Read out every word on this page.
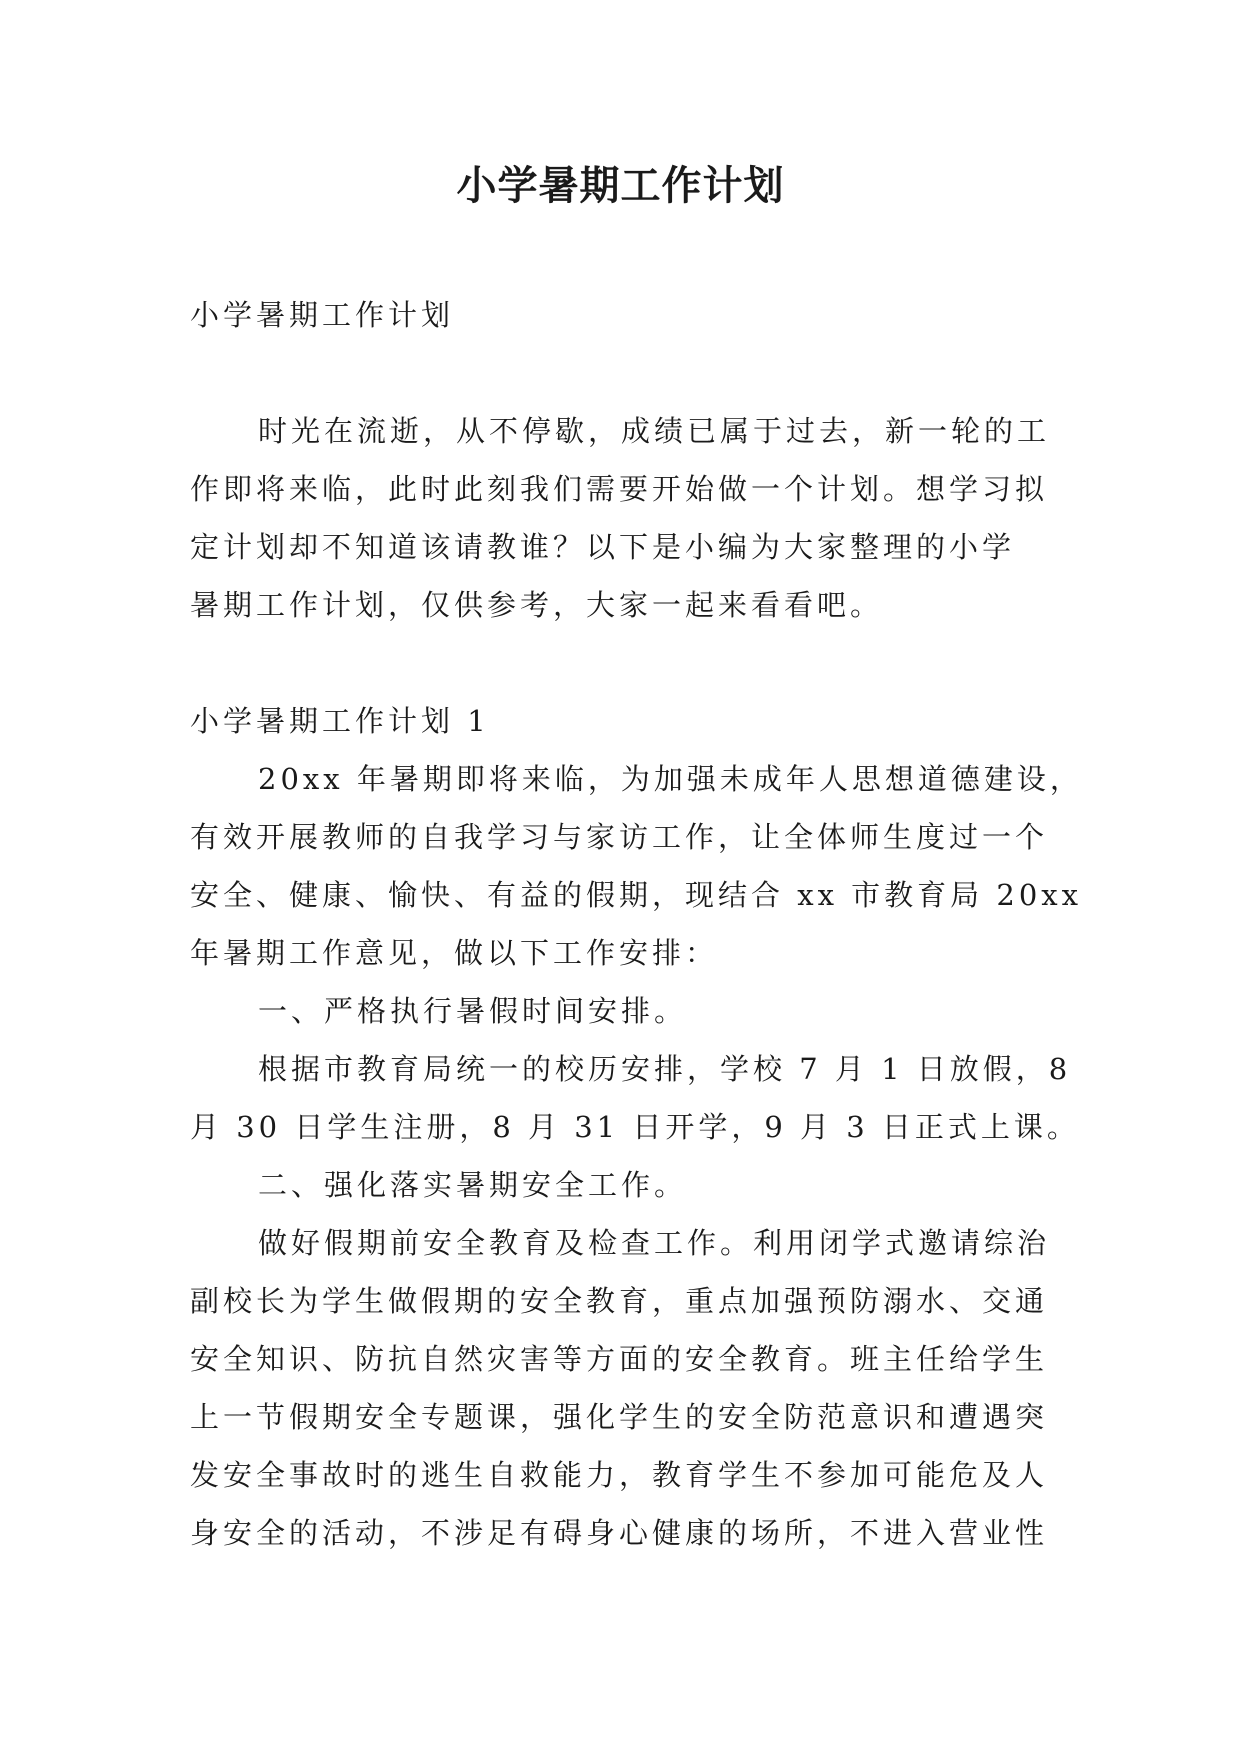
小学暑期工作计划

小学暑期工作计划

时光在流逝，从不停歇，成绩已属于过去，新一轮的工

作即将来临，此时此刻我们需要开始做一个计划。想学习拟

定计划却不知道该请教谁？以下是小编为大家整理的小学

暑期工作计划，仅供参考，大家一起来看看吧。

小学暑期工作计划 1

20xx 年暑期即将来临，为加强未成年人思想道德建设，

有效开展教师的自我学习与家访工作，让全体师生度过一个

安全、健康、愉快、有益的假期，现结合 xx 市教育局 20xx

年暑期工作意见，做以下工作安排：

一、严格执行暑假时间安排。

根据市教育局统一的校历安排，学校 7 月 1 日放假，8

月 30 日学生注册，8 月 31 日开学，9 月 3 日正式上课。

二、强化落实暑期安全工作。

做好假期前安全教育及检查工作。利用闭学式邀请综治

副校长为学生做假期的安全教育，重点加强预防溺水、交通

安全知识、防抗自然灾害等方面的安全教育。班主任给学生

上一节假期安全专题课，强化学生的安全防范意识和遭遇突

发安全事故时的逃生自救能力，教育学生不参加可能危及人

身安全的活动，不涉足有碍身心健康的场所，不进入营业性
